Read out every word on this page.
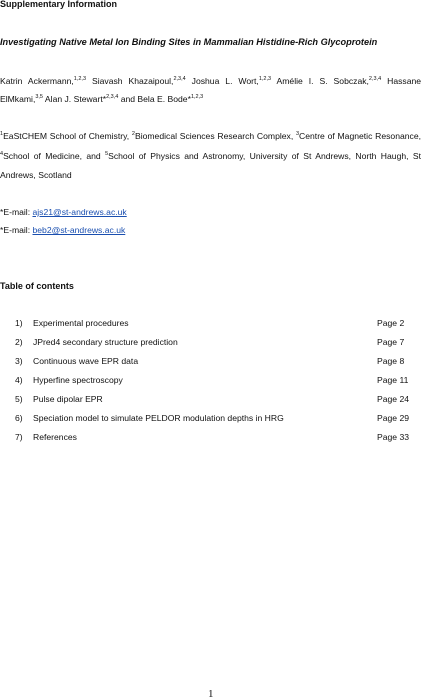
Supplementary Information
Investigating Native Metal Ion Binding Sites in Mammalian Histidine-Rich Glycoprotein
Katrin Ackermann,$^{1,2,3}$ Siavash Khazaipoul,$^{2,3,4}$ Joshua L. Wort,$^{1,2,3}$ Amélie I. S. Sobczak,$^{2,3,4}$ Hassane ElMkami,$^{3,5}$ Alan J. Stewart*$^{2,3,4}$ and Bela E. Bode*$^{1,2,3}$
$^1$EaStCHEM School of Chemistry, $^2$Biomedical Sciences Research Complex, $^3$Centre of Magnetic Resonance, $^4$School of Medicine, and $^5$School of Physics and Astronomy, University of St Andrews, North Haugh, St Andrews, Scotland
*E-mail: ajs21@st-andrews.ac.uk
*E-mail: beb2@st-andrews.ac.uk
Table of contents
1) Experimental procedures	Page 2
2) JPred4 secondary structure prediction	Page 7
3) Continuous wave EPR data	Page 8
4) Hyperfine spectroscopy	Page 11
5) Pulse dipolar EPR	Page 24
6) Speciation model to simulate PELDOR modulation depths in HRG	Page 29
7) References	Page 33
1
